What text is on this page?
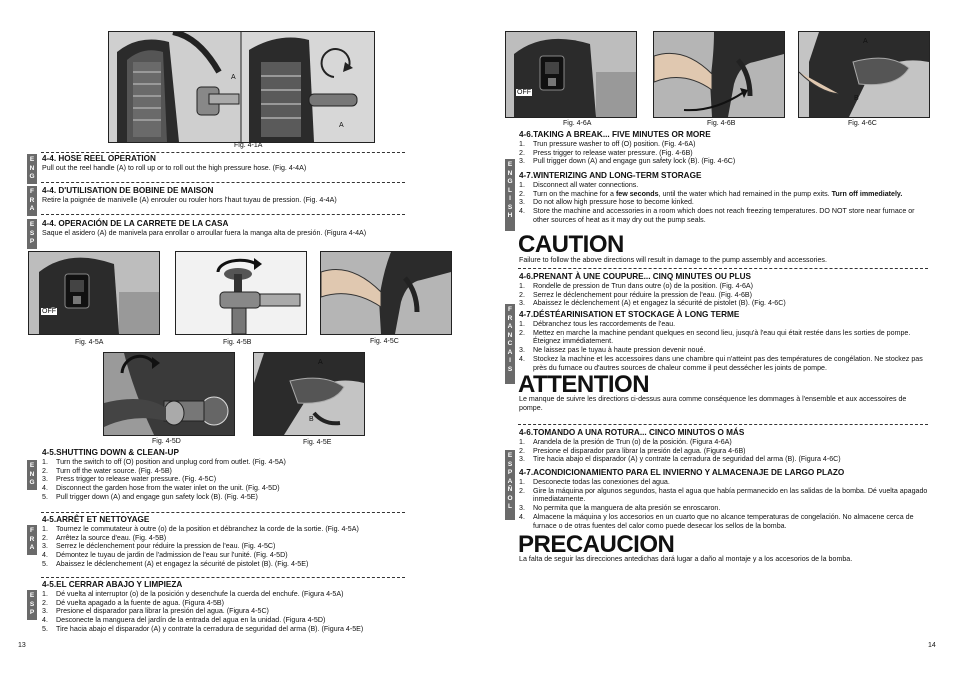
A
A
Fig. 4-1A
E
N
G
4-4. HOSE REEL OPERATION
Pull out the reel handle (A) to roll up or to roll out the high pressure hose. (Fig. 4-4A)
F
R
A
4-4. D'UTILISATION DE BOBINE DE MAISON
Retire la poignée de manivelle (A) enrouler ou rouler hors l'haut tuyau de pression. (Fig. 4-4A)
E
S
P
4-4. OPERACIÓN DE LA CARRETE DE LA CASA
Saque el asidero (A) de manivela para enrollar o arroullar fuera la manga alta de presión. (Figura 4-4A)
OFF
Fig. 4-5A	Fig. 4-5B	Fig. 4-5C
Fig. 4-5D
A
B
Fig. 4-5E
E
N
G
4-5.SHUTTING DOWN & CLEAN-UP
1. Turn the switch to off (O) position and unplug cord from outlet. (Fig. 4-5A)
2. Turn off the water source. (Fig. 4-5B)
3. Press trigger to release water pressure. (Fig. 4-5C)
4. Disconnect the garden hose from the water inlet on the unit. (Fig. 4-5D)
5. Pull trigger down (A) and engage gun safety lock (B). (Fig. 4-5E)
F
R
A
4-5.ARRÊT ET NETTOYAGE
1. Tournez le commutateur à outre (o) de la position et débranchez la corde de la sortie. (Fig. 4-5A)
2. Arrêtez la source d'eau. (Fig. 4-5B)
3. Serrez le déclenchement pour réduire la pression de l'eau. (Fig. 4-5C)
4. Démontez le tuyau de jardin de l'admission de l'eau sur l'unité. (Fig. 4-5D)
5. Abaissez le déclenchement (A) et engagez la sécurité de pistolet (B). (Fig. 4-5E)
E
S
P
4-5.EL CERRAR ABAJO Y LIMPIEZA
1. Dé vuelta al interruptor (o) de la posición y desenchufe la cuerda del enchufe. (Figura 4-5A)
2. Dé vuelta apagado a la fuente de agua. (Figura 4-5B)
3. Presione el disparador para librar la presión del agua. (Figura 4-5C)
4. Desconecte la manguera del jardín de la entrada del agua en la unidad. (Figura 4-5D)
5. Tire hacia abajo el disparador (A) y contrate la cerradura de seguridad del arma (B). (Figura 4-5E)
13
OFF
Fig. 4-6A	Fig. 4-6B
A
B
Fig. 4-6C
E
N
G
L
I
S
H
4-6.TAKING A BREAK... FIVE MINUTES OR MORE
1. Trun pressure washer to off (O) position. (Fig. 4-6A)
2. Press trigger to release water pressure. (Fig. 4-6B)
3. Pull trigger down (A) and engage gun safety lock (B). (Fig. 4-6C)
4-7.WINTERIZING AND LONG-TERM STORAGE
1. Disconnect all water connections.
2. Turn on the machine for a few seconds, until the water which had remained in the pump exits. Turn off immediately.
3. Do not allow high pressure hose to become kinked.
4. Store the machine and accessories in a room which does not reach freezing temperatures. DO NOT store near furnace or other sources of heat as it may dry out the pump seals.
CAUTION
Failure to follow the above directions will result in damage to the pump assembly and accessories.
F
R
A
N
C
A
I
S
4-6.PRENANT À UNE COUPURE... CINQ MINUTES OU PLUS
1. Rondelle de pression de Trun dans outre (o) de la position. (Fig. 4-6A)
2. Serrez le déclenchement pour réduire la pression de l'eau. (Fig. 4-6B)
3. Abaissez le déclenchement (A) et engagez la sécurité de pistolet (B). (Fig. 4-6C)
4-7.DÉSTÉARINISATION ET STOCKAGE À LONG TERME
1. Débranchez tous les raccordements de l'eau.
2. Mettez en marche la machine pendant quelques en second lieu, jusqu'à l'eau qui était restée dans les sorties de pompe. Éteignez immédiatement.
3. Ne laissez pas le tuyau à haute pression devenir noué.
4. Stockez la machine et les accessoires dans une chambre qui n'atteint pas des températures de congélation. Ne stockez pas près du furnace ou d'autres sources de chaleur comme il peut dessécher les joints de pompe.
ATTENTION
Le manque de suivre les directions ci-dessus aura comme conséquence les dommages à l'ensemble et aux accessoires de pompe.
E
S
P
A
Ñ
O
L
4-6.TOMANDO A UNA ROTURA... CINCO MINUTOS O MÁS
1. Arandela de la presión de Trun (o) de la posición. (Figura 4-6A)
2. Presione el disparador para librar la presión del agua. (Figura 4-6B)
3. Tire hacia abajo el disparador (A) y contrate la cerradura de seguridad del arma (B). (Figura 4-6C)
4-7.ACONDICIONAMIENTO PARA EL INVIERNO Y ALMACENAJE DE LARGO PLAZO
1. Desconecte todas las conexiones del agua.
2. Gire la máquina por algunos segundos, hasta el agua que había permanecido en las salidas de la bomba. Dé vuelta apagado inmediatamente.
3. No permita que la manguera de alta presión se enroscaron.
4. Almacene la máquina y los accesorios en un cuarto que no alcance temperaturas de congelación. No almacene cerca de furnace o de otras fuentes del calor como puede desecar los sellos de la bomba.
PRECAUCION
La falta de seguir las direcciones antedichas dará lugar a daño al montaje y a los accesorios de la bomba.
14
